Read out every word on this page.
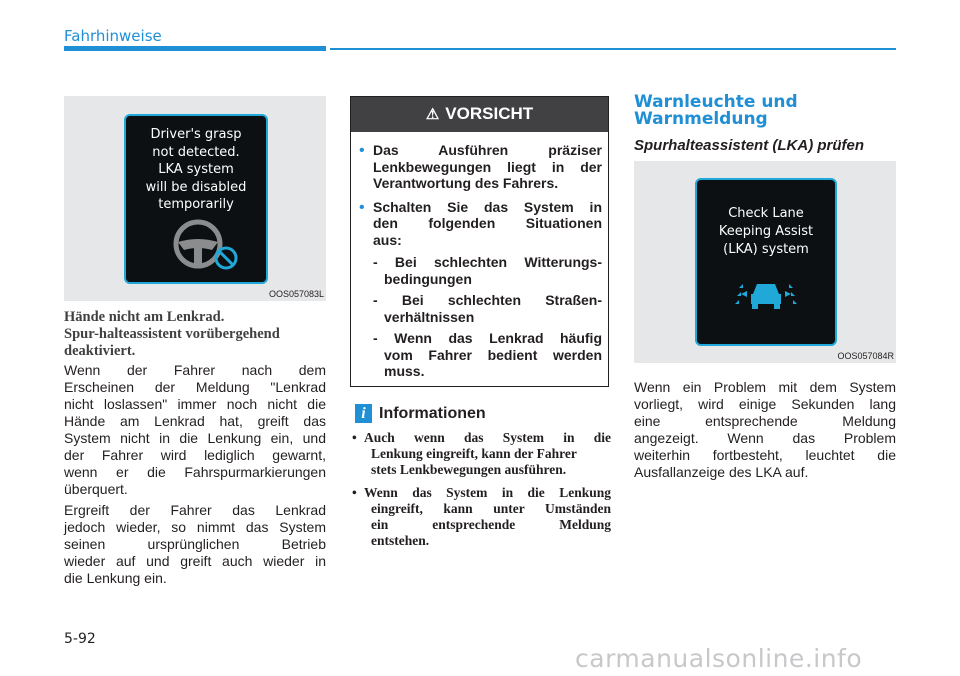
Fahrhinweise
Driver's grasp
not detected.
LKA system
will be disabled
temporarily
OOS057083L
Hände nicht am Lenkrad.
Spur-halteassistent vorübergehend
deaktiviert.
Wenn der Fahrer nach dem
Erscheinen der Meldung "Lenkrad
nicht loslassen" immer noch nicht die
Hände am Lenkrad hat, greift das
System nicht in die Lenkung ein, und
der Fahrer wird lediglich gewarnt,
wenn er die Fahrspurmarkierungen
überquert.
Ergreift der Fahrer das Lenkrad
jedoch wieder, so nimmt das System
seinen ursprünglichen Betrieb
wieder auf und greift auch wieder in
die Lenkung ein.
⚠ VORSICHT
• Das Ausführen präziser
Lenkbewegungen liegt in der
Verantwortung des Fahrers.
• Schalten Sie das System in
den folgenden Situationen
aus:
- Bei schlechten Witterungs-
bedingungen
- Bei schlechten Straßen-
verhältnissen
- Wenn das Lenkrad häufig
vom Fahrer bedient werden
muss.
i Informationen
• Auch wenn das System in die
Lenkung eingreift, kann der Fahrer
stets Lenkbewegungen ausführen.
• Wenn das System in die Lenkung
eingreift, kann unter Umständen
ein entsprechende Meldung
entstehen.
Warnleuchte und
Warnmeldung
Spurhalteassistent (LKA) prüfen
Check Lane
Keeping Assist
(LKA) system
OOS057084R
Wenn ein Problem mit dem System
vorliegt, wird einige Sekunden lang
eine entsprechende Meldung
angezeigt. Wenn das Problem
weiterhin fortbesteht, leuchtet die
Ausfallanzeige des LKA auf.
5-92
carmanualsonline.info
